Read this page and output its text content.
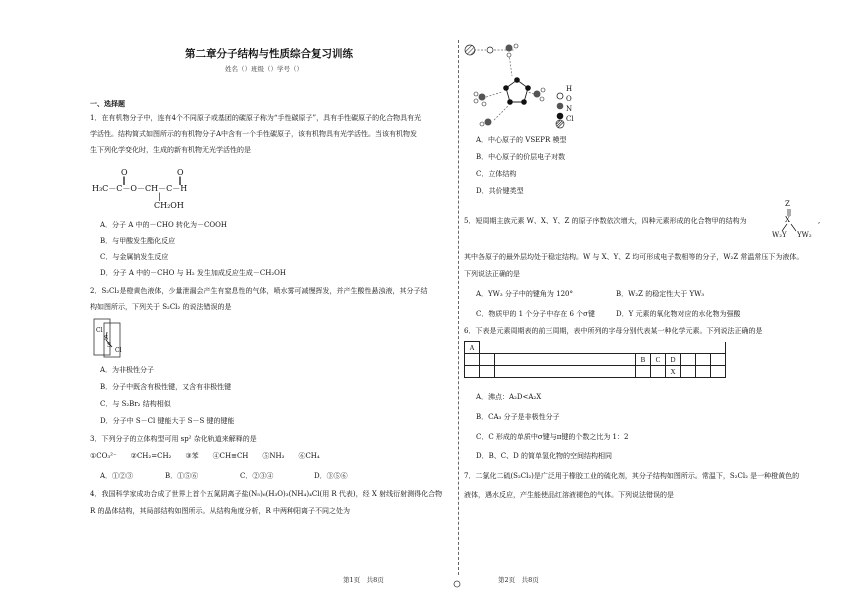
第二章分子结构与性质综合复习训练
姓名（）班级（）学号（）
一、选择题
1．在有机物分子中，连有4个不同原子或基团的碳原子称为“手性碳原子”，具有手性碳原子的化合物具有光
学活性。结构简式如图所示的有机物分子A中含有一个手性碳原子，该有机物具有光学活性。当该有机物发
生下列化学变化时，生成的新有机物无光学活性的是
O	O
‖	‖
H₃C－C－O－CH－C－H
|
CH₂OH
A．分子 A 中的－CHO 转化为－COOH
B．与甲酸发生酯化反应
C．与金属钠发生反应
D．分子 A 中的－CHO 与 H₂ 发生加成反应生成－CH₂OH
2．S₂Cl₂是橙黄色液体，少量泄漏会产生有窒息性的气体，喷水雾可减慢挥发，并产生酸性悬浊液，其分子结
构如图所示，下列关于 S₂Cl₂ 的说法错误的是
Cl
S
S
Cl
A．为非极性分子
B．分子中既含有极性键，又含有非极性键
C．与 S₂Br₂ 结构相似
D．分子中 S－Cl 键能大于 S－S 键的键能
3．下列分子的立体构型可用 sp² 杂化轨道来解释的是
①CO₃²⁻　　②CH₂=CH₂　　③苯　　④CH≡CH　　⑤NH₃　　⑥CH₄
A．①②③	B．①⑤⑥	C．②③④	D．③⑤⑥
4．我国科学家成功合成了世界上首个五氮阴离子盐(N₅)₆(H₃O)₃(NH₄)₄Cl(用 R 代表)，经 X 射线衍射测得化合物
R 的晶体结构，其局部结构如图所示。从结构角度分析，R 中两种阳离子不同之处为
第1页　共8页
H
O
N
Cl
A．中心原子的 VSEPR 模型
B．中心原子的价层电子对数
C．立体结构
D．共价键类型
5．短周期主族元素 W、X、Y、Z 的原子序数依次增大，四种元素形成的化合物甲的结构为
Z
X
W₂Y YW₂
,
其中各原子的最外层均处于稳定结构。W 与 X、Y、Z 均可形成电子数相等的分子，W₂Z 常温常压下为液体。
下列说法正确的是
A．YW₃ 分子中的键角为 120°	B．W₂Z 的稳定性大于 YW₃
C．物质甲的 1 个分子中存在 6 个σ键	D．Y 元素的氧化物对应的水化物为强酸
6．下表是元素周期表的前三周期，表中所列的字母分别代表某一种化学元素。下列说法正确的是
A																	
												B	C	D			
														X			
A．沸点：A₂D<A₂X
B．CA₃ 分子是非极性分子
C．C 形成的单质中σ键与π键的个数之比为 1：2
D．B、C、D 的简单氢化物的空间结构相同
7．二氯化二硫(S₂Cl₂)是广泛用于橡胶工业的硫化剂，其分子结构如图所示。常温下，S₂Cl₂ 是一种橙黄色的
液体，遇水反应，产生能使品红溶液褪色的气体。下列说法错误的是
第2页　共8页
